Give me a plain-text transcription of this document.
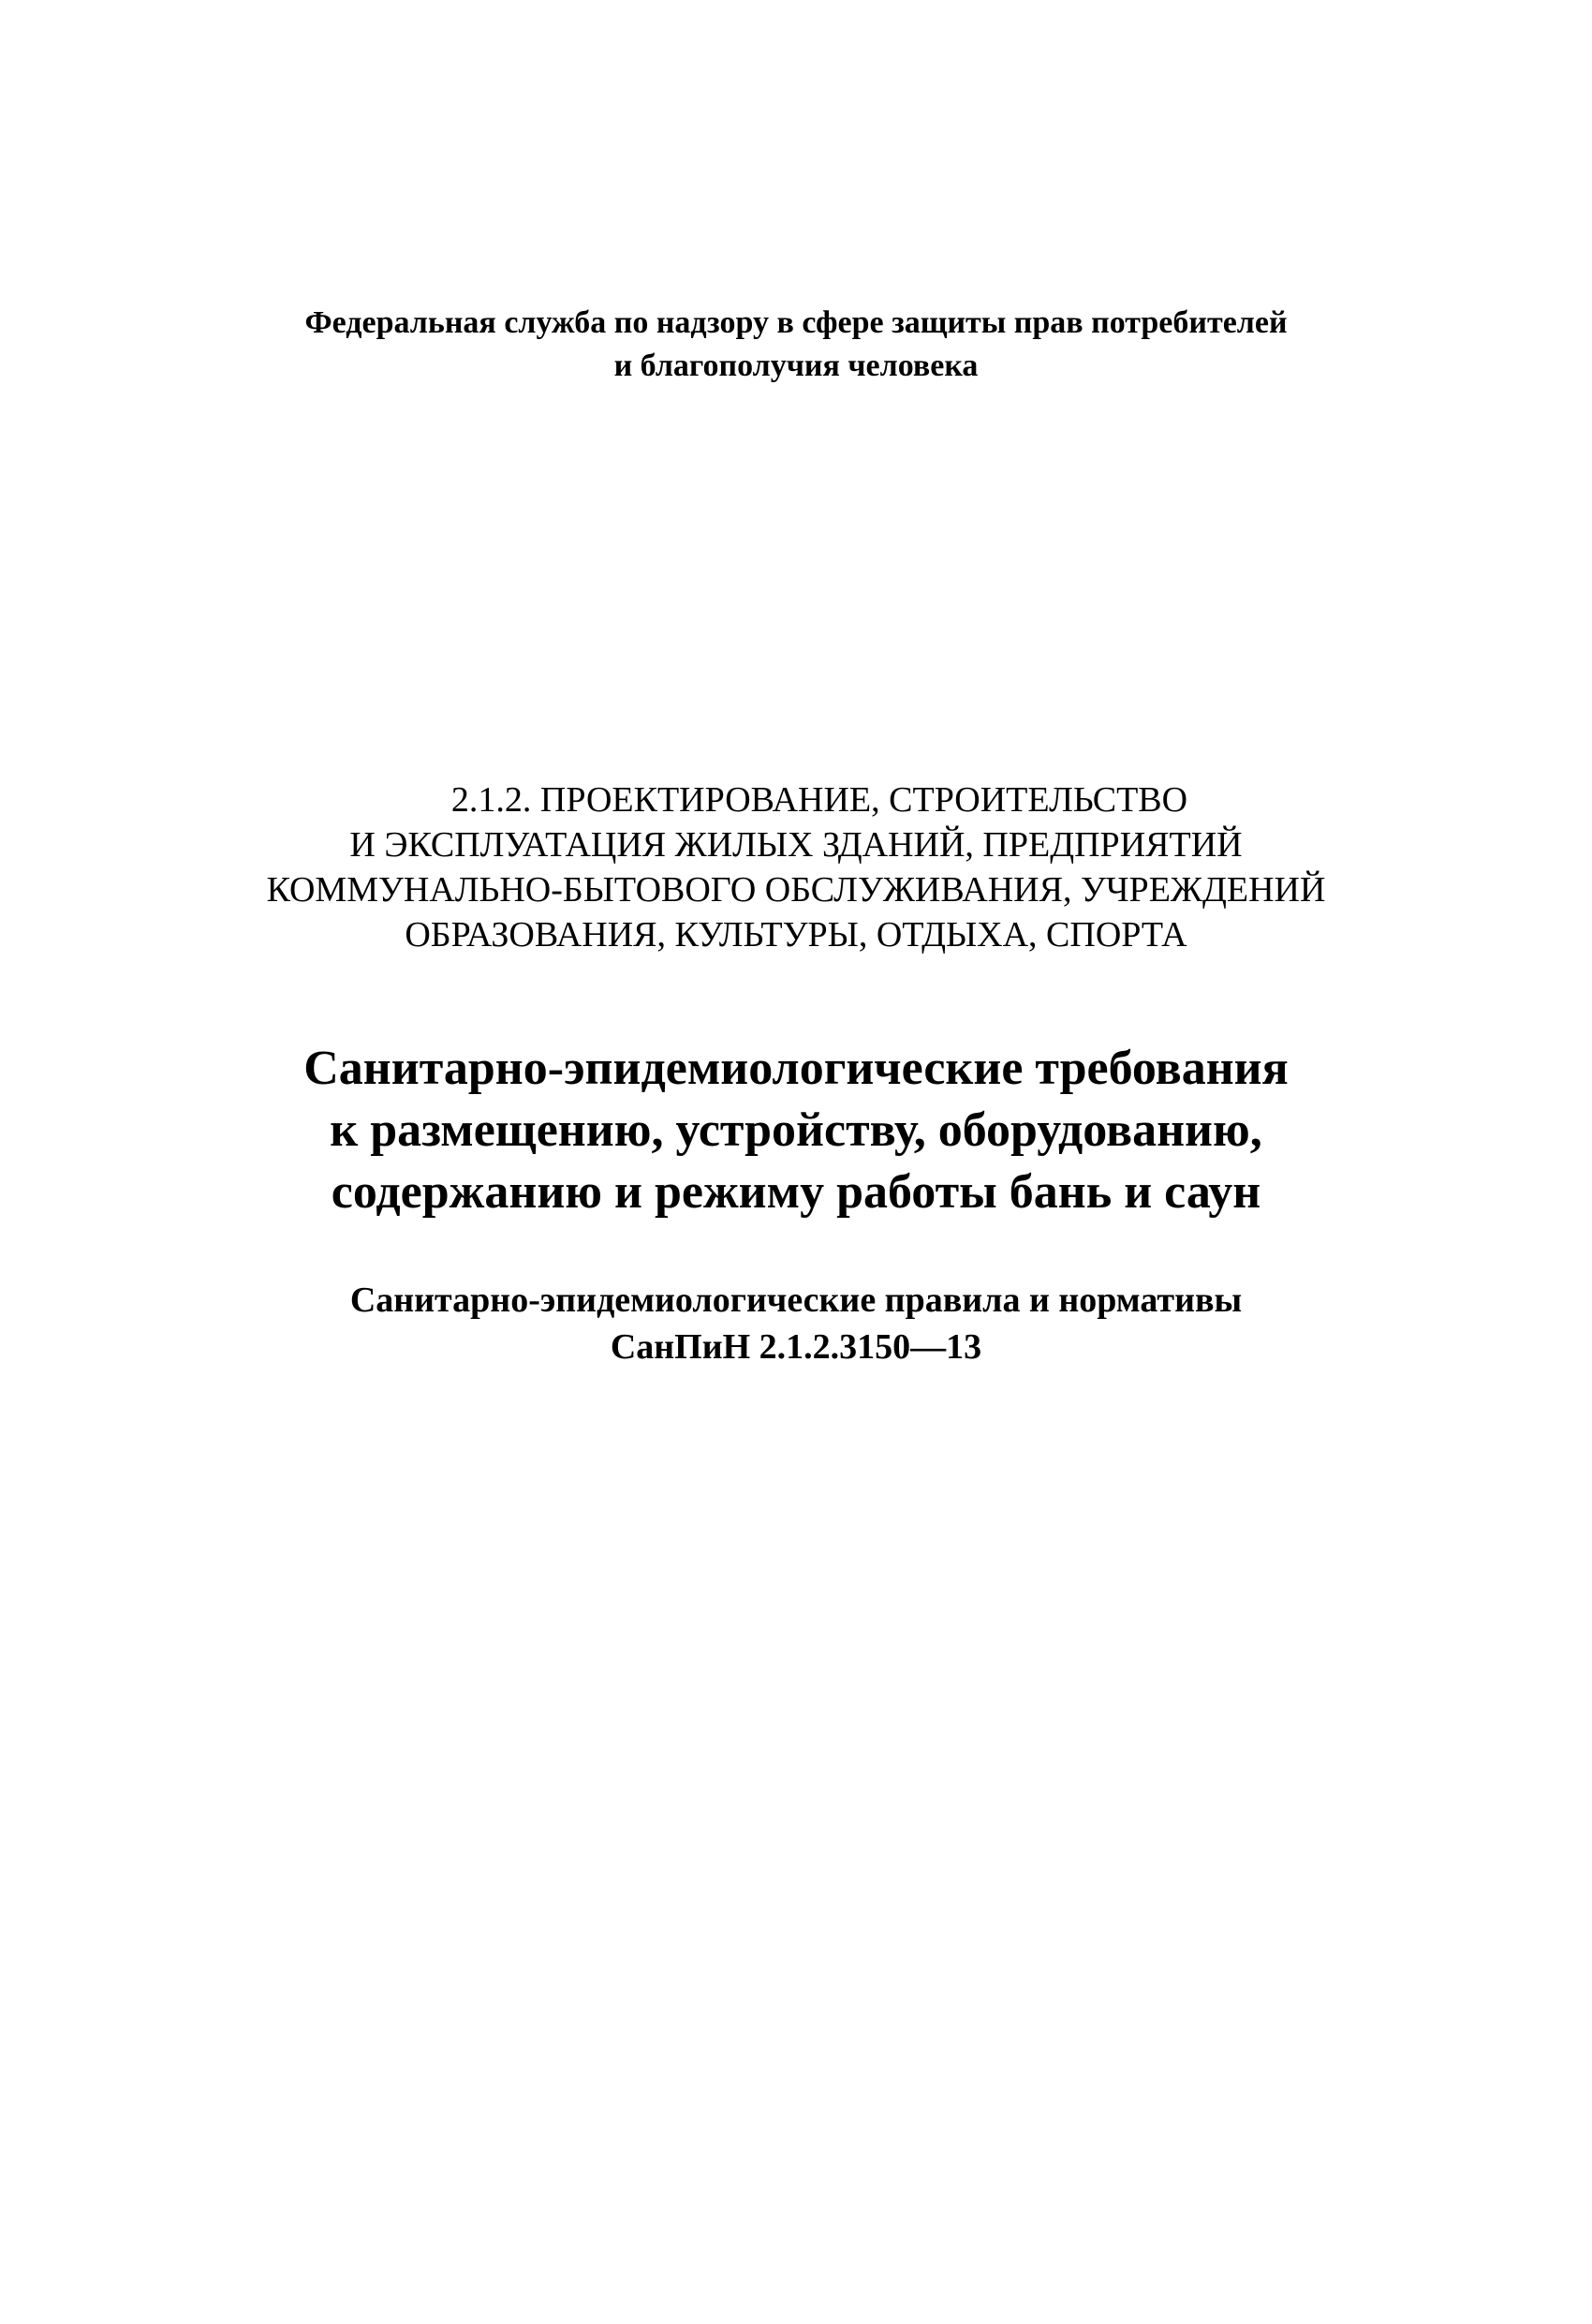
Федеральная служба по надзору в сфере защиты прав потребителей
и благополучия человека
2.1.2. ПРОЕКТИРОВАНИЕ, СТРОИТЕЛЬСТВО
И ЭКСПЛУАТАЦИЯ ЖИЛЫХ ЗДАНИЙ, ПРЕДПРИЯТИЙ
КОММУНАЛЬНО-БЫТОВОГО ОБСЛУЖИВАНИЯ, УЧРЕЖДЕНИЙ
ОБРАЗОВАНИЯ, КУЛЬТУРЫ, ОТДЫХА, СПОРТА
Санитарно-эпидемиологические требования
к размещению, устройству, оборудованию,
содержанию и режиму работы бань и саун
Санитарно-эпидемиологические правила и нормативы
СанПиН 2.1.2.3150—13
